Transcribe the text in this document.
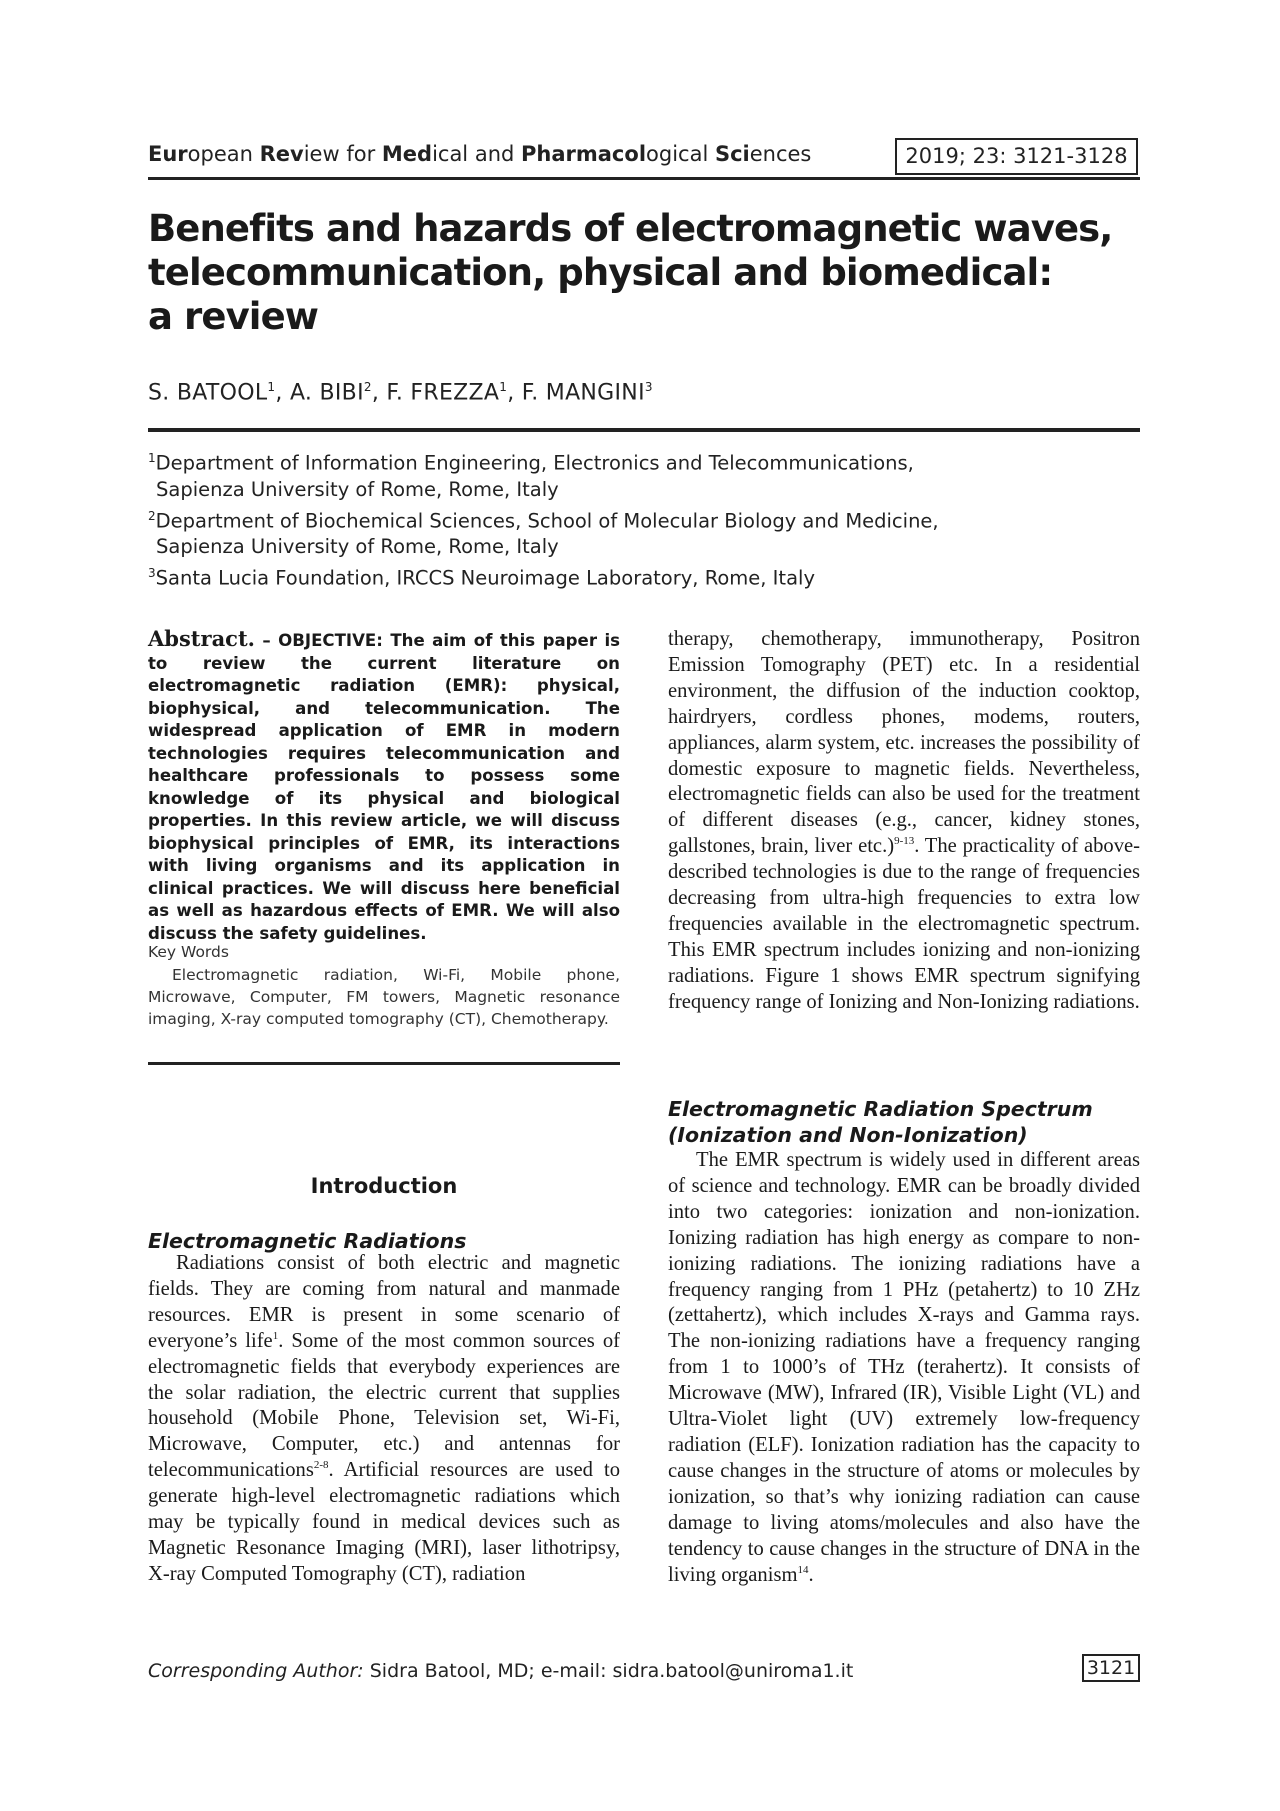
European Review for Medical and Pharmacological Sciences	2019; 23: 3121-3128
Benefits and hazards of electromagnetic waves,
telecommunication, physical and biomedical:
a review
S. BATOOL$^1$, A. BIBI$^2$, F. FREZZA$^1$, F. MANGINI$^3$
$^1$Department of Information Engineering, Electronics and Telecommunications,
Sapienza University of Rome, Rome, Italy
$^2$Department of Biochemical Sciences, School of Molecular Biology and Medicine,
Sapienza University of Rome, Rome, Italy
$^3$Santa Lucia Foundation, IRCCS Neuroimage Laboratory, Rome, Italy
Abstract. – OBJECTIVE: The aim of this paper is to review the current literature on electromagnetic radiation (EMR): physical, biophysical, and telecommunication. The widespread application of EMR in modern technologies requires telecommunication and healthcare professionals to possess some knowledge of its physical and biological properties. In this review article, we will discuss biophysical principles of EMR, its interactions with living organisms and its application in clinical practices. We will discuss here beneficial as well as hazardous effects of EMR. We will also discuss the safety guidelines.
Key Words
Electromagnetic radiation, Wi-Fi, Mobile phone, Microwave, Computer, FM towers, Magnetic resonance imaging, X-ray computed tomography (CT), Chemotherapy.
Introduction
Electromagnetic Radiations
Radiations consist of both electric and magnetic fields. They are coming from natural and manmade resources. EMR is present in some scenario of everyone’s life$^1$. Some of the most common sources of electromagnetic fields that everybody experiences are the solar radiation, the electric current that supplies household (Mobile Phone, Television set, Wi-Fi, Microwave, Computer, etc.) and antennas for telecommunications$^{2-8}$. Artificial resources are used to generate high-level electromagnetic radiations which may be typically found in medical devices such as Magnetic Resonance Imaging (MRI), laser lithotripsy, X-ray Computed Tomography (CT), radiation
therapy, chemotherapy, immunotherapy, Positron Emission Tomography (PET) etc. In a residential environment, the diffusion of the induction cooktop, hairdryers, cordless phones, modems, routers, appliances, alarm system, etc. increases the possibility of domestic exposure to magnetic fields. Nevertheless, electromagnetic fields can also be used for the treatment of different diseases (e.g., cancer, kidney stones, gallstones, brain, liver etc.)$^{9-13}$. The practicality of above-described technologies is due to the range of frequencies decreasing from ultra-high frequencies to extra low frequencies available in the electromagnetic spectrum. This EMR spectrum includes ionizing and non-ionizing radiations. Figure 1 shows EMR spectrum signifying frequency range of Ionizing and Non-Ionizing radiations.
Electromagnetic Radiation Spectrum
(Ionization and Non-Ionization)
The EMR spectrum is widely used in different areas of science and technology. EMR can be broadly divided into two categories: ionization and non-ionization. Ionizing radiation has high energy as compare to non-ionizing radiations. The ionizing radiations have a frequency ranging from 1 PHz (petahertz) to 10 ZHz (zettahertz), which includes X-rays and Gamma rays. The non-ionizing radiations have a frequency ranging from 1 to 1000’s of THz (terahertz). It consists of Microwave (MW), Infrared (IR), Visible Light (VL) and Ultra-Violet light (UV) extremely low-frequency radiation (ELF). Ionization radiation has the capacity to cause changes in the structure of atoms or molecules by ionization, so that’s why ionizing radiation can cause damage to living atoms/molecules and also have the tendency to cause changes in the structure of DNA in the living organism$^{14}$.
Corresponding Author: Sidra Batool, MD; e-mail: sidra.batool@uniroma1.it	3121
